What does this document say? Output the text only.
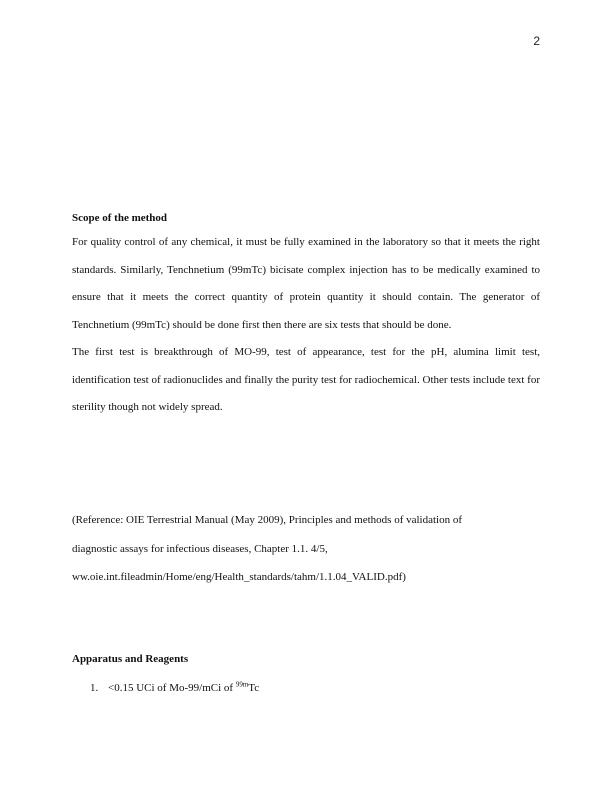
2

Scope of the method

For quality control of any chemical, it must be fully examined in the laboratory so that it meets the right standards. Similarly, Tenchnetium (99mTc) bicisate complex injection has to be medically examined to ensure that it meets the correct quantity of protein quantity it should contain. The generator of Tenchnetium (99mTc) should be done first then there are six tests that should be done.

The first test is breakthrough of MO-99, test of appearance, test for the pH, alumina limit test, identification test of radionuclides and finally the purity test for radiochemical. Other tests include text for sterility though not widely spread.

(Reference: OIE Terrestrial Manual (May 2009), Principles and methods of validation of

diagnostic assays for infectious diseases, Chapter 1.1. 4/5,

ww.oie.int.fileadmin/Home/eng/Health_standards/tahm/1.1.04_VALID.pdf)

Apparatus and Reagents

1. <0.15 UCi of Mo-99/mCi of $^{99m}$Tc
